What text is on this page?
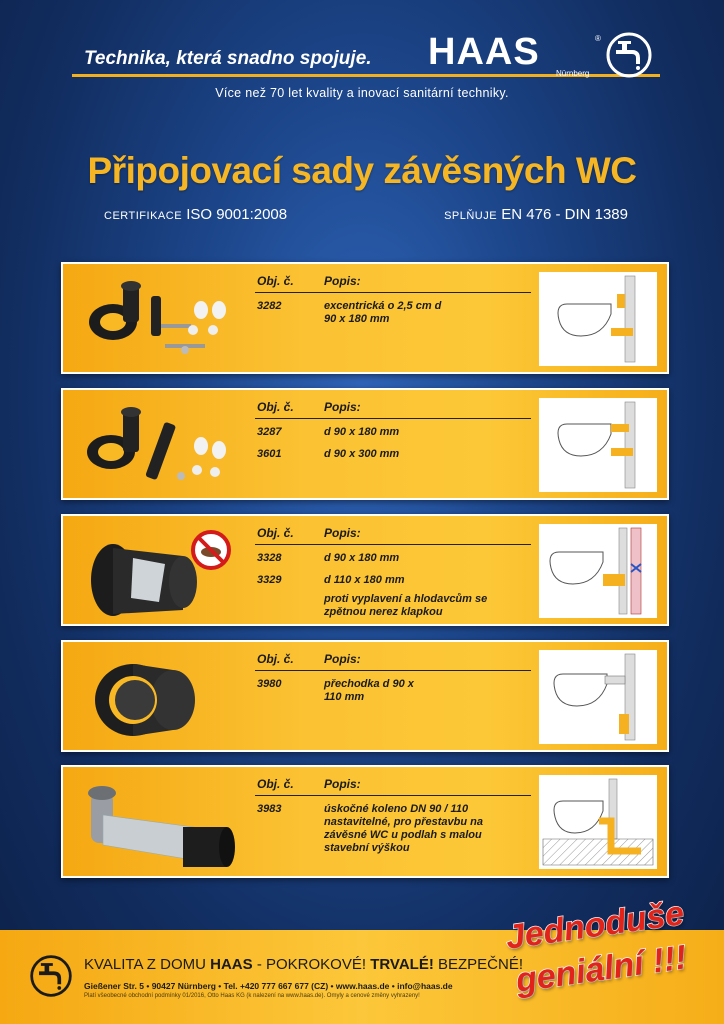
Technika, která snadno spojuje. HAAS	®
Nürnberg
Více než 70 let kvality a inovací sanitární techniky.
Připojovací sady závěsných WC
CERTIFIKACE ISO 9001:2008	SPLŇUJE EN 476 - DIN 1389
Obj. č.	Popis:
3282	excentrická o 2,5 cm d 90 x 180 mm
Obj. č.	Popis:
3287	d 90 x 180 mm
3601	d 90 x 300 mm
Obj. č.	Popis:
3328	d 90 x 180 mm
3329	d 110 x 180 mm
proti vyplavení a hlodavcům se zpětnou nerez klapkou
Obj. č.	Popis:
3980	přechodka d 90 x 110 mm
Obj. č.	Popis:
3983	úskočné koleno DN 90 / 110 nastavitelné, pro přestavbu na závěsné WC u podlah s malou stavební výškou
KVALITA Z DOMU HAAS - POKROKOVÉ! TRVALÉ! BEZPEČNÉ!
Gießener Str. 5 • 90427 Nürnberg • Tel. +420 777 667 677 (CZ) • www.haas.de • info@haas.de
Platí všeobecné obchodní podmínky 01/2016, Otto Haas KG (k nalezení na www.haas.de). Omyly a cenové změny vyhrazeny!
Jednoduše
geniální !!!
